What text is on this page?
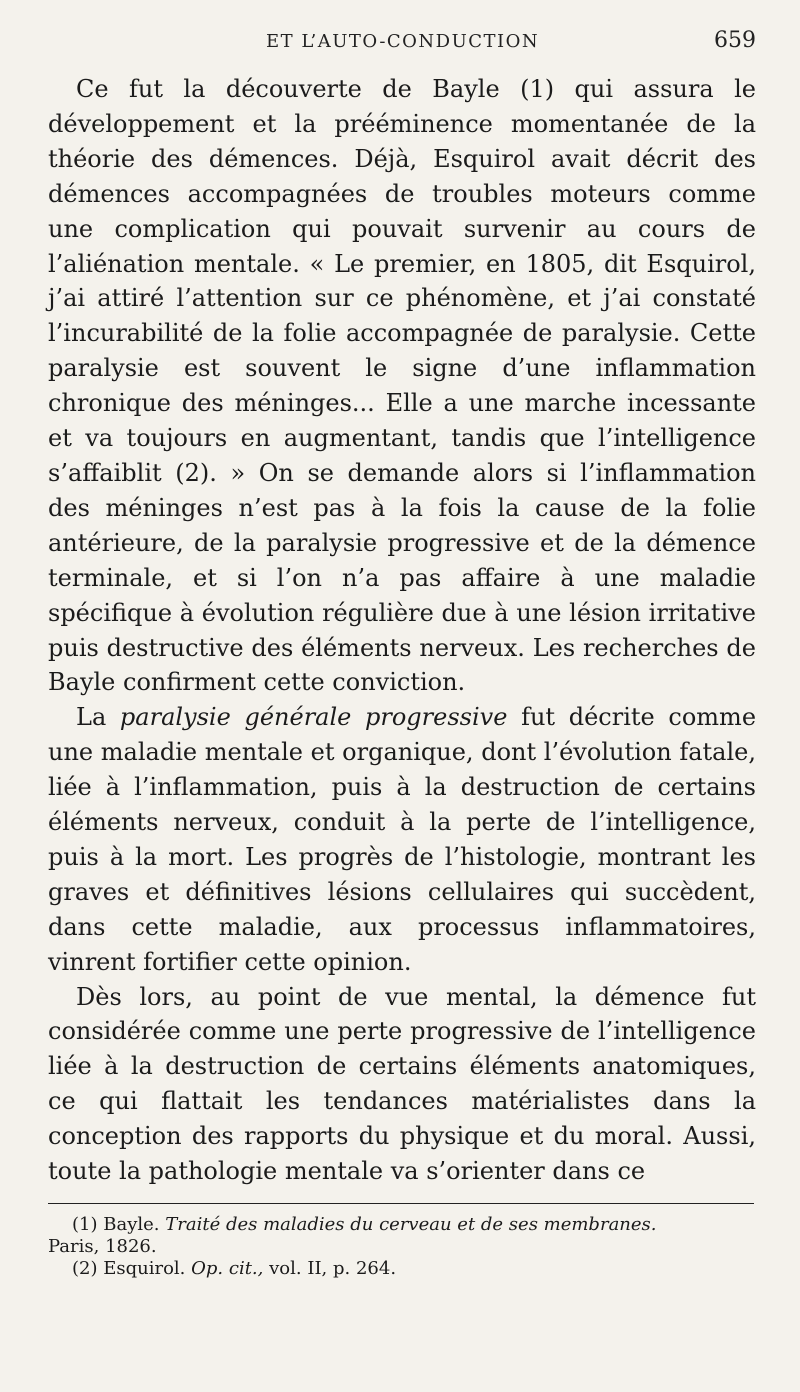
ET L’AUTO-CONDUCTION	659

Ce fut la découverte de Bayle (1) qui assura le développement et la prééminence momentanée de la théorie des démences. Déjà, Esquirol avait décrit des démences accompagnées de troubles moteurs comme une complication qui pouvait survenir au cours de l’aliénation mentale. « Le premier, en 1805, dit Esquirol, j’ai attiré l’attention sur ce phénomène, et j’ai constaté l’incurabilité de la folie accompagnée de paralysie. Cette paralysie est souvent le signe d’une inflammation chronique des méninges... Elle a une marche incessante et va toujours en augmentant, tandis que l’intelligence s’affaiblit (2). » On se demande alors si l’inflammation des méninges n’est pas à la fois la cause de la folie antérieure, de la paralysie progressive et de la démence terminale, et si l’on n’a pas affaire à une maladie spécifique à évolution régulière due à une lésion irritative puis destructive des éléments nerveux. Les recherches de Bayle confirment cette conviction.

La paralysie générale progressive fut décrite comme une maladie mentale et organique, dont l’évolution fatale, liée à l’inflammation, puis à la destruction de certains éléments nerveux, conduit à la perte de l’intelligence, puis à la mort. Les progrès de l’histologie, montrant les graves et définitives lésions cellulaires qui succèdent, dans cette maladie, aux processus inflammatoires, vinrent fortifier cette opinion.

Dès lors, au point de vue mental, la démence fut considérée comme une perte progressive de l’intelligence liée à la destruction de certains éléments anatomiques, ce qui flattait les tendances matérialistes dans la conception des rapports du physique et du moral. Aussi, toute la pathologie mentale va s’orienter dans ce

(1) Bayle. Traité des maladies du cerveau et de ses membranes.

Paris, 1826.

(2) Esquirol. Op. cit., vol. II, p. 264.
